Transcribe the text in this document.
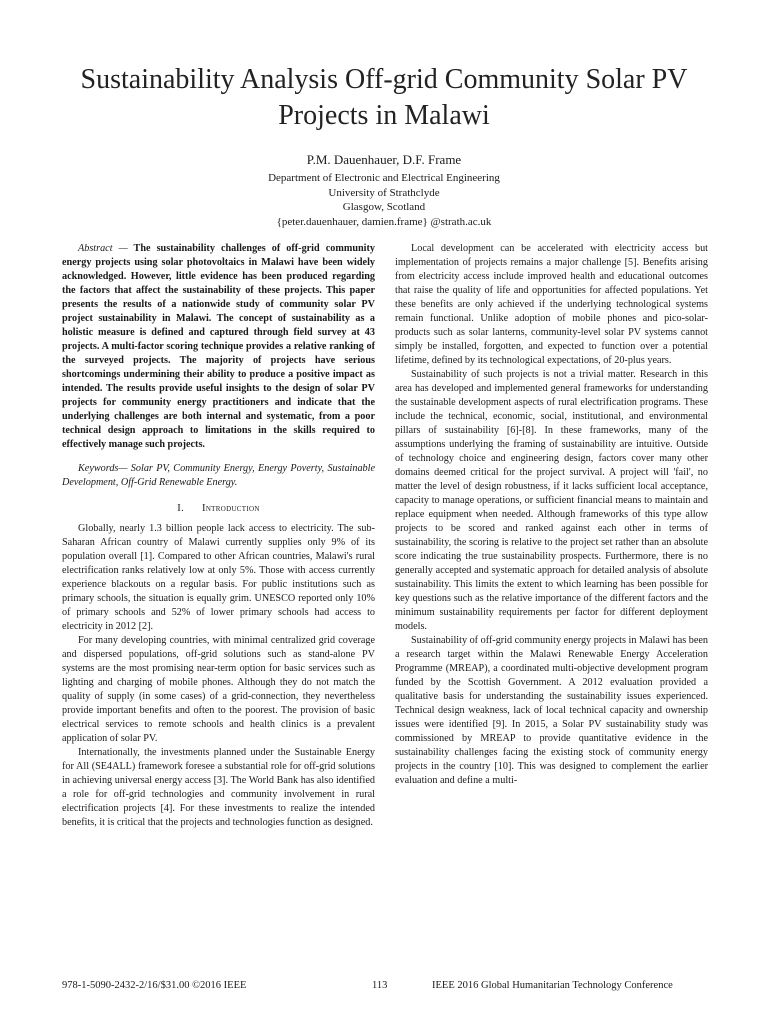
Sustainability Analysis Off-grid Community Solar PV Projects in Malawi
P.M. Dauenhauer, D.F. Frame
Department of Electronic and Electrical Engineering
University of Strathclyde
Glasgow, Scotland
{peter.dauenhauer, damien.frame} @strath.ac.uk

Abstract — The sustainability challenges of off-grid community energy projects using solar photovoltaics in Malawi have been widely acknowledged. However, little evidence has been produced regarding the factors that affect the sustainability of these projects. This paper presents the results of a nationwide study of community solar PV project sustainability in Malawi. The concept of sustainability as a holistic measure is defined and captured through field survey at 43 projects. A multi-factor scoring technique provides a relative ranking of the surveyed projects. The majority of projects have serious shortcomings undermining their ability to produce a positive impact as intended. The results provide useful insights to the design of solar PV projects for community energy practitioners and indicate that the underlying challenges are both internal and systematic, from a poor technical design approach to limitations in the skills required to effectively manage such projects.

Keywords— Solar PV, Community Energy, Energy Poverty, Sustainable Development, Off-Grid Renewable Energy.

I. Introduction

Globally, nearly 1.3 billion people lack access to electricity. The sub-Saharan African country of Malawi currently supplies only 9% of its population overall [1]. Compared to other African countries, Malawi's rural electrification ranks relatively low at only 5%. Those with access currently experience blackouts on a regular basis. For public institutions such as primary schools, the situation is equally grim. UNESCO reported only 10% of primary schools and 52% of lower primary schools had access to electricity in 2012 [2].

For many developing countries, with minimal centralized grid coverage and dispersed populations, off-grid solutions such as stand-alone PV systems are the most promising near-term option for basic services such as lighting and charging of mobile phones. Although they do not match the quality of supply (in some cases) of a grid-connection, they nevertheless provide important benefits and often to the poorest. The provision of basic electrical services to remote schools and health clinics is a prevalent application of solar PV.

Internationally, the investments planned under the Sustainable Energy for All (SE4ALL) framework foresee a substantial role for off-grid solutions in achieving universal energy access [3]. The World Bank has also identified a role for off-grid technologies and community involvement in rural electrification projects [4]. For these investments to realize the intended benefits, it is critical that the projects and technologies function as designed.

Local development can be accelerated with electricity access but implementation of projects remains a major challenge [5]. Benefits arising from electricity access include improved health and educational outcomes that raise the quality of life and opportunities for affected populations. Yet these benefits are only achieved if the underlying technological systems remain functional. Unlike adoption of mobile phones and pico-solar-products such as solar lanterns, community-level solar PV systems cannot simply be installed, forgotten, and expected to function over a potential lifetime, defined by its technological expectations, of 20-plus years.

Sustainability of such projects is not a trivial matter. Research in this area has developed and implemented general frameworks for understanding the sustainable development aspects of rural electrification programs. These include the technical, economic, social, institutional, and environmental pillars of sustainability [6]-[8]. In these frameworks, many of the assumptions underlying the framing of sustainability are intuitive. Outside of technology choice and engineering design, factors cover many other domains deemed critical for the project survival. A project will 'fail', no matter the level of design robustness, if it lacks sufficient local acceptance, capacity to manage operations, or sufficient financial means to maintain and replace equipment when needed. Although frameworks of this type allow projects to be scored and ranked against each other in terms of sustainability, the scoring is relative to the project set rather than an absolute score indicating the true sustainability prospects. Furthermore, there is no generally accepted and systematic approach for detailed analysis of absolute sustainability. This limits the extent to which learning has been possible for key questions such as the relative importance of the different factors and the minimum sustainability requirements per factor for different deployment models.

Sustainability of off-grid community energy projects in Malawi has been a research target within the Malawi Renewable Energy Acceleration Programme (MREAP), a coordinated multi-objective development program funded by the Scottish Government. A 2012 evaluation provided a qualitative basis for understanding the sustainability issues experienced. Technical design weakness, lack of local technical capacity and ownership issues were identified [9]. In 2015, a Solar PV sustainability study was commissioned by MREAP to provide quantitative evidence in the sustainability challenges facing the existing stock of community energy projects in the country [10]. This was designed to complement the earlier evaluation and define a multi-

978-1-5090-2432-2/16/$31.00 ©2016 IEEE	113	IEEE 2016 Global Humanitarian Technology Conference
